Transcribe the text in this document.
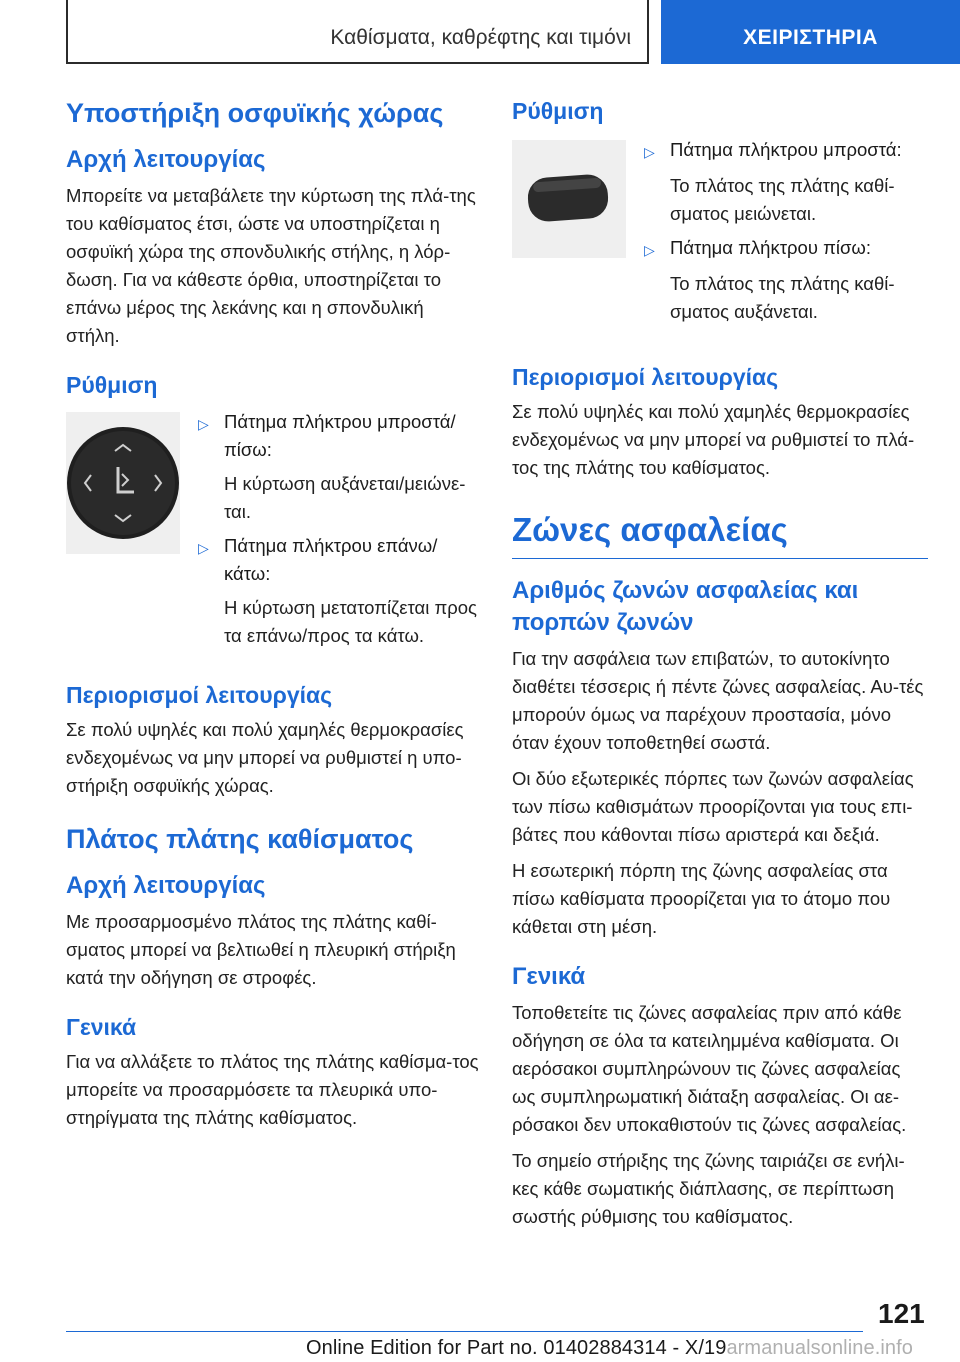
Καθίσματα, καθρέφτης και τιμόνι	ΧΕΙΡΙΣΤΗΡΙΑ
Υποστήριξη οσφυϊκής χώρας
Αρχή λειτουργίας

Μπορείτε να μεταβάλετε την κύρτωση της πλά-της του καθίσματος έτσι, ώστε να υποστηρίζεται η οσφυϊκή χώρα της σπονδυλικής στήλης, η λόρ-δωση. Για να κάθεστε όρθια, υποστηρίζεται το επάνω μέρος της λεκάνης και η σπονδυλική στήλη.

Ρύθμιση
▷ Πάτημα πλήκτρου μπροστά/πίσω:
Η κύρτωση αυξάνεται/μειώνε-ται.
▷ Πάτημα πλήκτρου επάνω/κάτω:
Η κύρτωση μετατοπίζεται προς τα επάνω/προς τα κάτω.
Περιορισμοί λειτουργίας

Σε πολύ υψηλές και πολύ χαμηλές θερμοκρασίες ενδεχομένως να μην μπορεί να ρυθμιστεί η υπο-στήριξη οσφυϊκής χώρας.

Πλάτος πλάτης καθίσματος
Αρχή λειτουργίας

Με προσαρμοσμένο πλάτος της πλάτης καθί-σματος μπορεί να βελτιωθεί η πλευρική στήριξη κατά την οδήγηση σε στροφές.

Γενικά

Για να αλλάξετε το πλάτος της πλάτης καθίσμα-τος μπορείτε να προσαρμόσετε τα πλευρικά υπο-στηρίγματα της πλάτης καθίσματος.

Ρύθμιση
▷ Πάτημα πλήκτρου μπροστά:
Το πλάτος της πλάτης καθί-σματος μειώνεται.
▷ Πάτημα πλήκτρου πίσω:
Το πλάτος της πλάτης καθί-σματος αυξάνεται.
Περιορισμοί λειτουργίας

Σε πολύ υψηλές και πολύ χαμηλές θερμοκρασίες ενδεχομένως να μην μπορεί να ρυθμιστεί το πλά-τος της πλάτης του καθίσματος.

Ζώνες ασφαλείας
Αριθμός ζωνών ασφαλείας και πορπών ζωνών

Για την ασφάλεια των επιβατών, το αυτοκίνητο διαθέτει τέσσερις ή πέντε ζώνες ασφαλείας. Αυ-τές μπορούν όμως να παρέχουν προστασία, μόνο όταν έχουν τοποθετηθεί σωστά.

Οι δύο εξωτερικές πόρπες των ζωνών ασφαλείας των πίσω καθισμάτων προορίζονται για τους επι-βάτες που κάθονται πίσω αριστερά και δεξιά.

Η εσωτερική πόρπη της ζώνης ασφαλείας στα πίσω καθίσματα προορίζεται για το άτομο που κάθεται στη μέση.

Γενικά

Τοποθετείτε τις ζώνες ασφαλείας πριν από κάθε οδήγηση σε όλα τα κατειλημμένα καθίσματα. Οι αερόσακοι συμπληρώνουν τις ζώνες ασφαλείας ως συμπληρωματική διάταξη ασφαλείας. Οι αε-ρόσακοι δεν υποκαθιστούν τις ζώνες ασφαλείας.

Το σημείο στήριξης της ζώνης ταιριάζει σε ενήλι-κες κάθε σωματικής διάπλασης, σε περίπτωση σωστής ρύθμισης του καθίσματος.

121
Online Edition for Part no. 01402884314 - X/19armanualsonline.info
